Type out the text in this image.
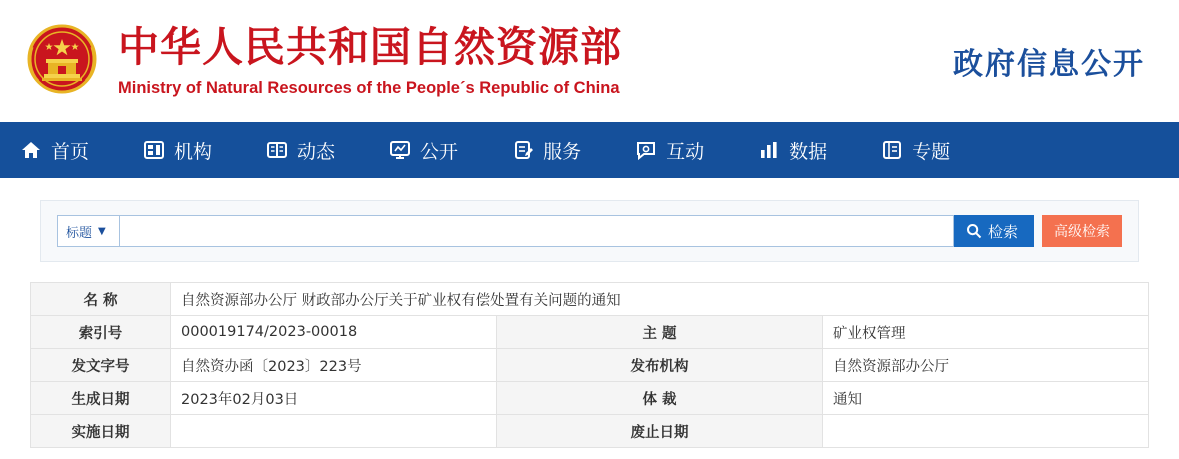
中华人民共和国自然资源部
Ministry of Natural Resources of the People´s Republic of China
政府信息公开
首页	机构	动态	公开	服务	互动	数据	专题
标题 ▼	检索	高级检索
名 称	自然资源部办公厅 财政部办公厅关于矿业权有偿处置有关问题的通知		
索引号	000019174/2023-00018	主 题	矿业权管理
发文字号	自然资办函〔2023〕223号	发布机构	自然资源部办公厅
生成日期	2023年02月03日	体 裁	通知
实施日期		废止日期	
